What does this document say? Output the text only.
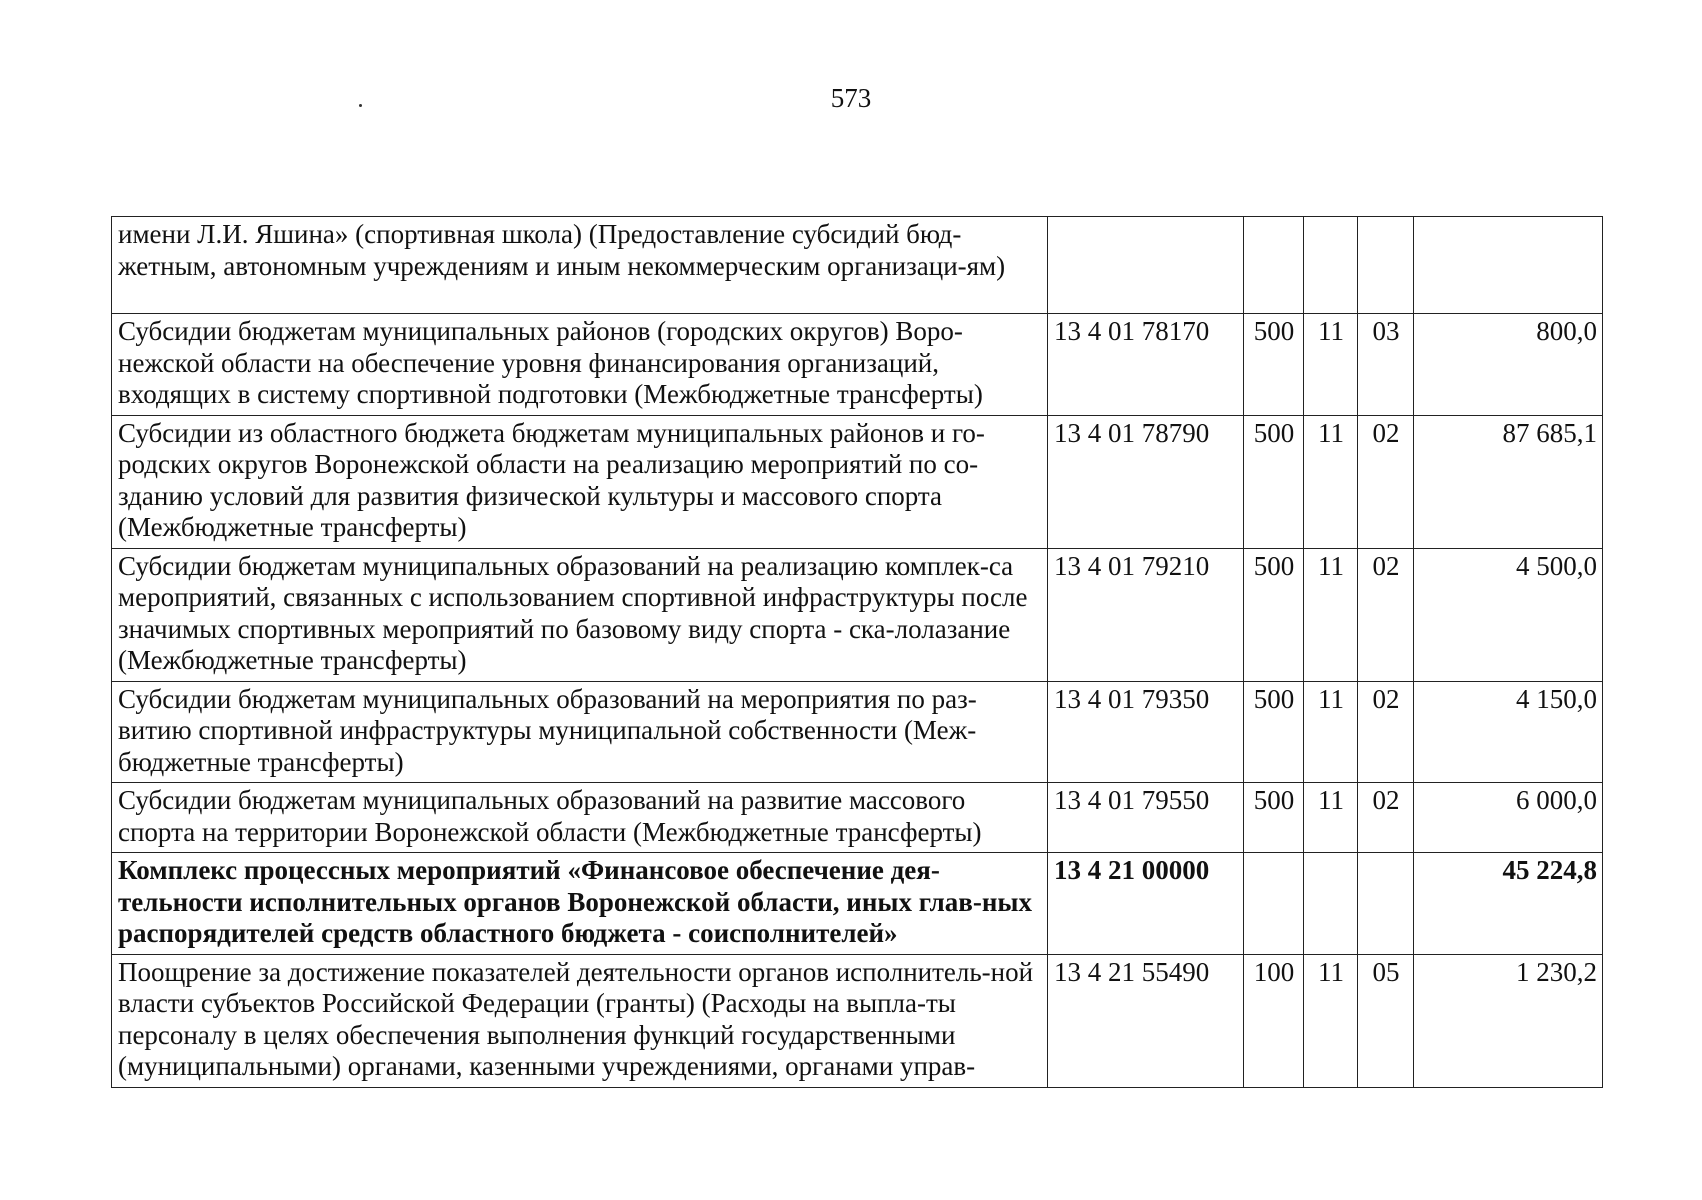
573
имени Л.И. Яшина» (спортивная школа) (Предоставление субсидий бюд-жетным, автономным учреждениям и иным некоммерческим организаци-ям)					
Субсидии бюджетам муниципальных районов (городских округов) Воро-нежской области на обеспечение уровня финансирования организаций, входящих в систему спортивной подготовки (Межбюджетные трансферты)	13 4 01 78170	500	11	03	800,0
Субсидии из областного бюджета бюджетам муниципальных районов и го-родских округов Воронежской области на реализацию мероприятий по со-зданию условий для развития физической культуры и массового спорта (Межбюджетные трансферты)	13 4 01 78790	500	11	02	87 685,1
Субсидии бюджетам муниципальных образований на реализацию комплек-са мероприятий, связанных с использованием спортивной инфраструктуры после значимых спортивных мероприятий по базовому виду спорта - ска-лолазание (Межбюджетные трансферты)	13 4 01 79210	500	11	02	4 500,0
Субсидии бюджетам муниципальных образований на мероприятия по раз-витию спортивной инфраструктуры муниципальной собственности (Меж-бюджетные трансферты)	13 4 01 79350	500	11	02	4 150,0
Субсидии бюджетам муниципальных образований на развитие массового спорта на территории Воронежской области (Межбюджетные трансферты)	13 4 01 79550	500	11	02	6 000,0
Комплекс процессных мероприятий «Финансовое обеспечение дея-тельности исполнительных органов Воронежской области, иных глав-ных распорядителей средств областного бюджета - соисполнителей»	13 4 21 00000				45 224,8
Поощрение за достижение показателей деятельности органов исполнитель-ной власти субъектов Российской Федерации (гранты) (Расходы на выпла-ты персоналу в целях обеспечения выполнения функций государственными (муниципальными) органами, казенными учреждениями, органами управ-	13 4 21 55490	100	11	05	1 230,2
